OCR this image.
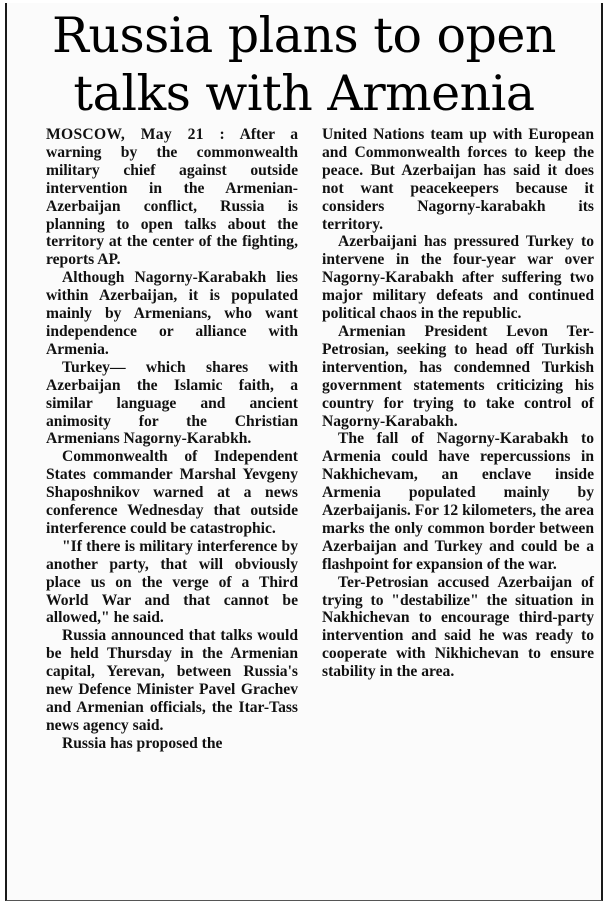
Russia plans to open
talks with Armenia

MOSCOW, May 21 : After a warning by the commonwealth military chief against outside intervention in the Armenian-Azerbaijan conflict, Russia is planning to open talks about the territory at the center of the fighting, reports AP.

Although Nagorny-Karabakh lies within Azerbaijan, it is populated mainly by Armenians, who want independence or alliance with Armenia.

Turkey— which shares with Azerbaijan the Islamic faith, a similar language and ancient animosity for the Christian Armenians Nagorny-Karabkh.

Commonwealth of Independent States commander Marshal Yevgeny Shaposhnikov warned at a news conference Wednesday that outside interference could be catastrophic.

"If there is military interference by another party, that will obviously place us on the verge of a Third World War and that cannot be allowed," he said.

Russia announced that talks would be held Thursday in the Armenian capital, Yerevan, between Russia's new Defence Minister Pavel Grachev and Armenian officials, the Itar-Tass news agency said.

Russia has proposed the

United Nations team up with European and Commonwealth forces to keep the peace. But Azerbaijan has said it does not want peacekeepers because it considers Nagorny-karabakh its territory.

Azerbaijani has pressured Turkey to intervene in the four-year war over Nagorny-Karabakh after suffering two major military defeats and continued political chaos in the republic.

Armenian President Levon Ter-Petrosian, seeking to head off Turkish intervention, has condemned Turkish government statements criticizing his country for trying to take control of Nagorny-Karabakh.

The fall of Nagorny-Karabakh to Armenia could have repercussions in Nakhichevam, an enclave inside Armenia populated mainly by Azerbaijanis. For 12 kilometers, the area marks the only common border between Azerbaijan and Turkey and could be a flashpoint for expansion of the war.

Ter-Petrosian accused Azerbaijan of trying to "destabilize" the situation in Nakhichevan to encourage third-party intervention and said he was ready to cooperate with Nikhichevan to ensure stability in the area.
